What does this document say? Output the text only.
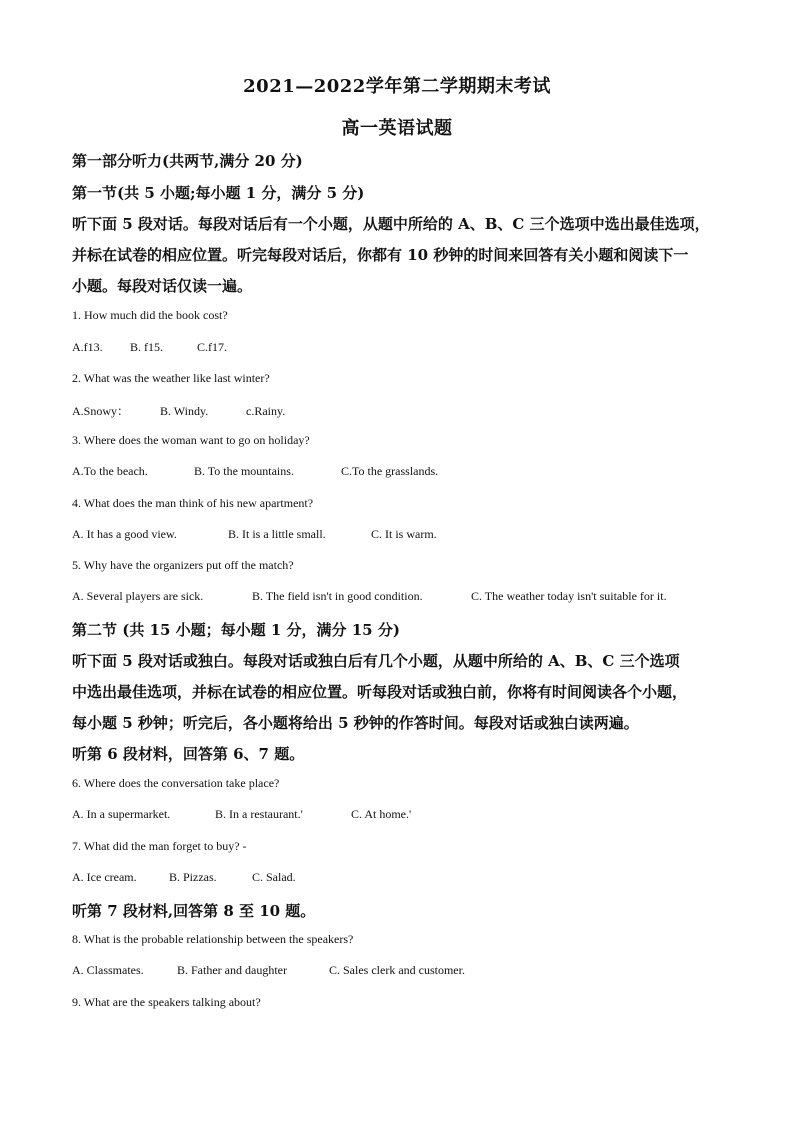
2021—2022学年第二学期期末考试
高一英语试题
第一部分听力(共两节,满分 20 分)
第一节(共 5 小题;每小题 1 分，满分 5 分)
听下面 5 段对话。每段对话后有一个小题，从题中所给的 A、B、C 三个选项中选出最佳选项，
并标在试卷的相应位置。听完每段对话后，你都有 10 秒钟的时间来回答有关小题和阅读下一
小题。每段对话仅读一遍。
1. How much did the book cost?
A.f13. B. f15.	C.f17.
2. What was the weather like last winter?
A.Snowy：	B. Windy.	c.Rainy.
3. Where does the woman want to go on holiday?
A.To the beach.	B. To the mountains.	C.To the grasslands.
4. What does the man think of his new apartment?
A. It has a good view.	B. It is a little small.	C. It is warm.
5. Why have the organizers put off the match?
A. Several players are sick.	B. The field isn't in good condition.	C. The weather today isn't suitable for it.
第二节 (共 15 小题；每小题 1 分，满分 15 分)
听下面 5 段对话或独白。每段对话或独白后有几个小题，从题中所给的 A、B、C 三个选项
中选出最佳选项，并标在试卷的相应位置。听每段对话或独白前，你将有时间阅读各个小题，
每小题 5 秒钟；听完后，各小题将给出 5 秒钟的作答时间。每段对话或独白读两遍。
听第 6 段材料，回答第 6、7 题。
6. Where does the conversation take place?
A. In a supermarket.	B. In a restaurant.'	C. At home.'
7. What did the man forget to buy? -
A. Ice cream.	B. Pizzas.	C. Salad.
听第 7 段材料,回答第 8 至 10 题。
8. What is the probable relationship between the speakers?
A. Classmates.	B. Father and daughter	C. Sales clerk and customer.
9. What are the speakers talking about?
